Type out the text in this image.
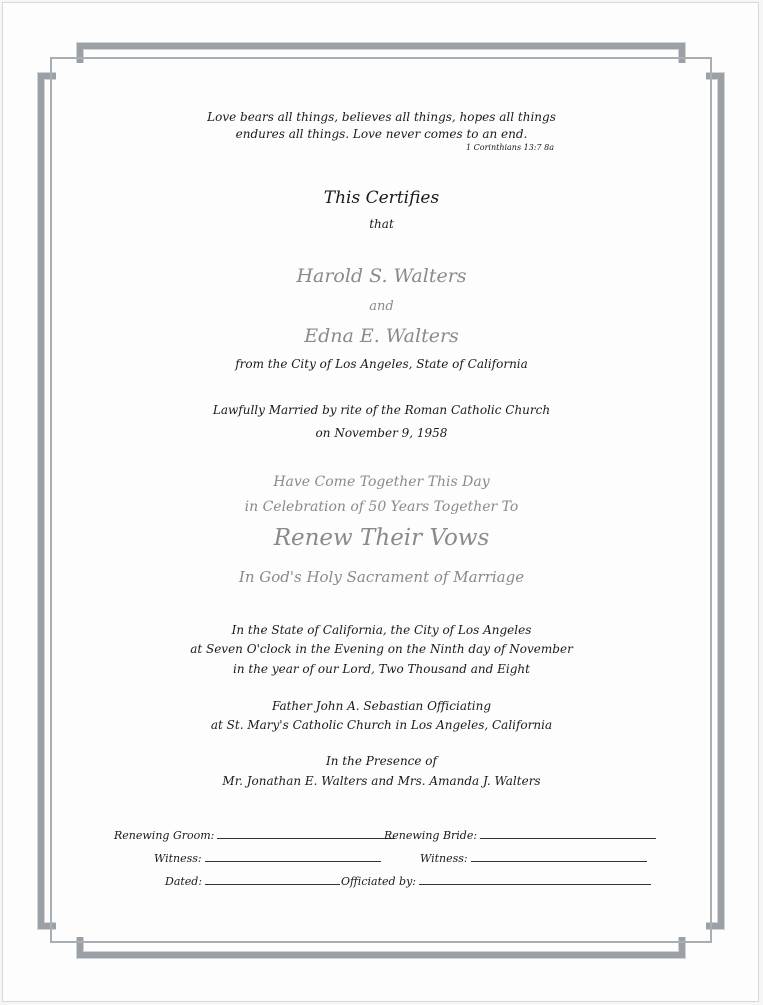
Love bears all things, believes all things, hopes all things
endures all things. Love never comes to an end.
1 Corinthians 13:7 8a
This Certifies
that
Harold S. Walters
and
Edna E. Walters
from the City of Los Angeles, State of California
Lawfully Married by rite of the Roman Catholic Church
on November 9, 1958
Have Come Together This Day
in Celebration of 50 Years Together To
Renew Their Vows
In God's Holy Sacrament of Marriage
In the State of California, the City of Los Angeles
at Seven O'clock in the Evening on the Ninth day of November
in the year of our Lord, Two Thousand and Eight
Father John A. Sebastian Officiating
at St. Mary's Catholic Church in Los Angeles, California
In the Presence of
Mr. Jonathan E. Walters and Mrs. Amanda J. Walters
Renewing Groom:	Renewing Bride:
Witness:	Witness:
Dated:	Officiated by:
